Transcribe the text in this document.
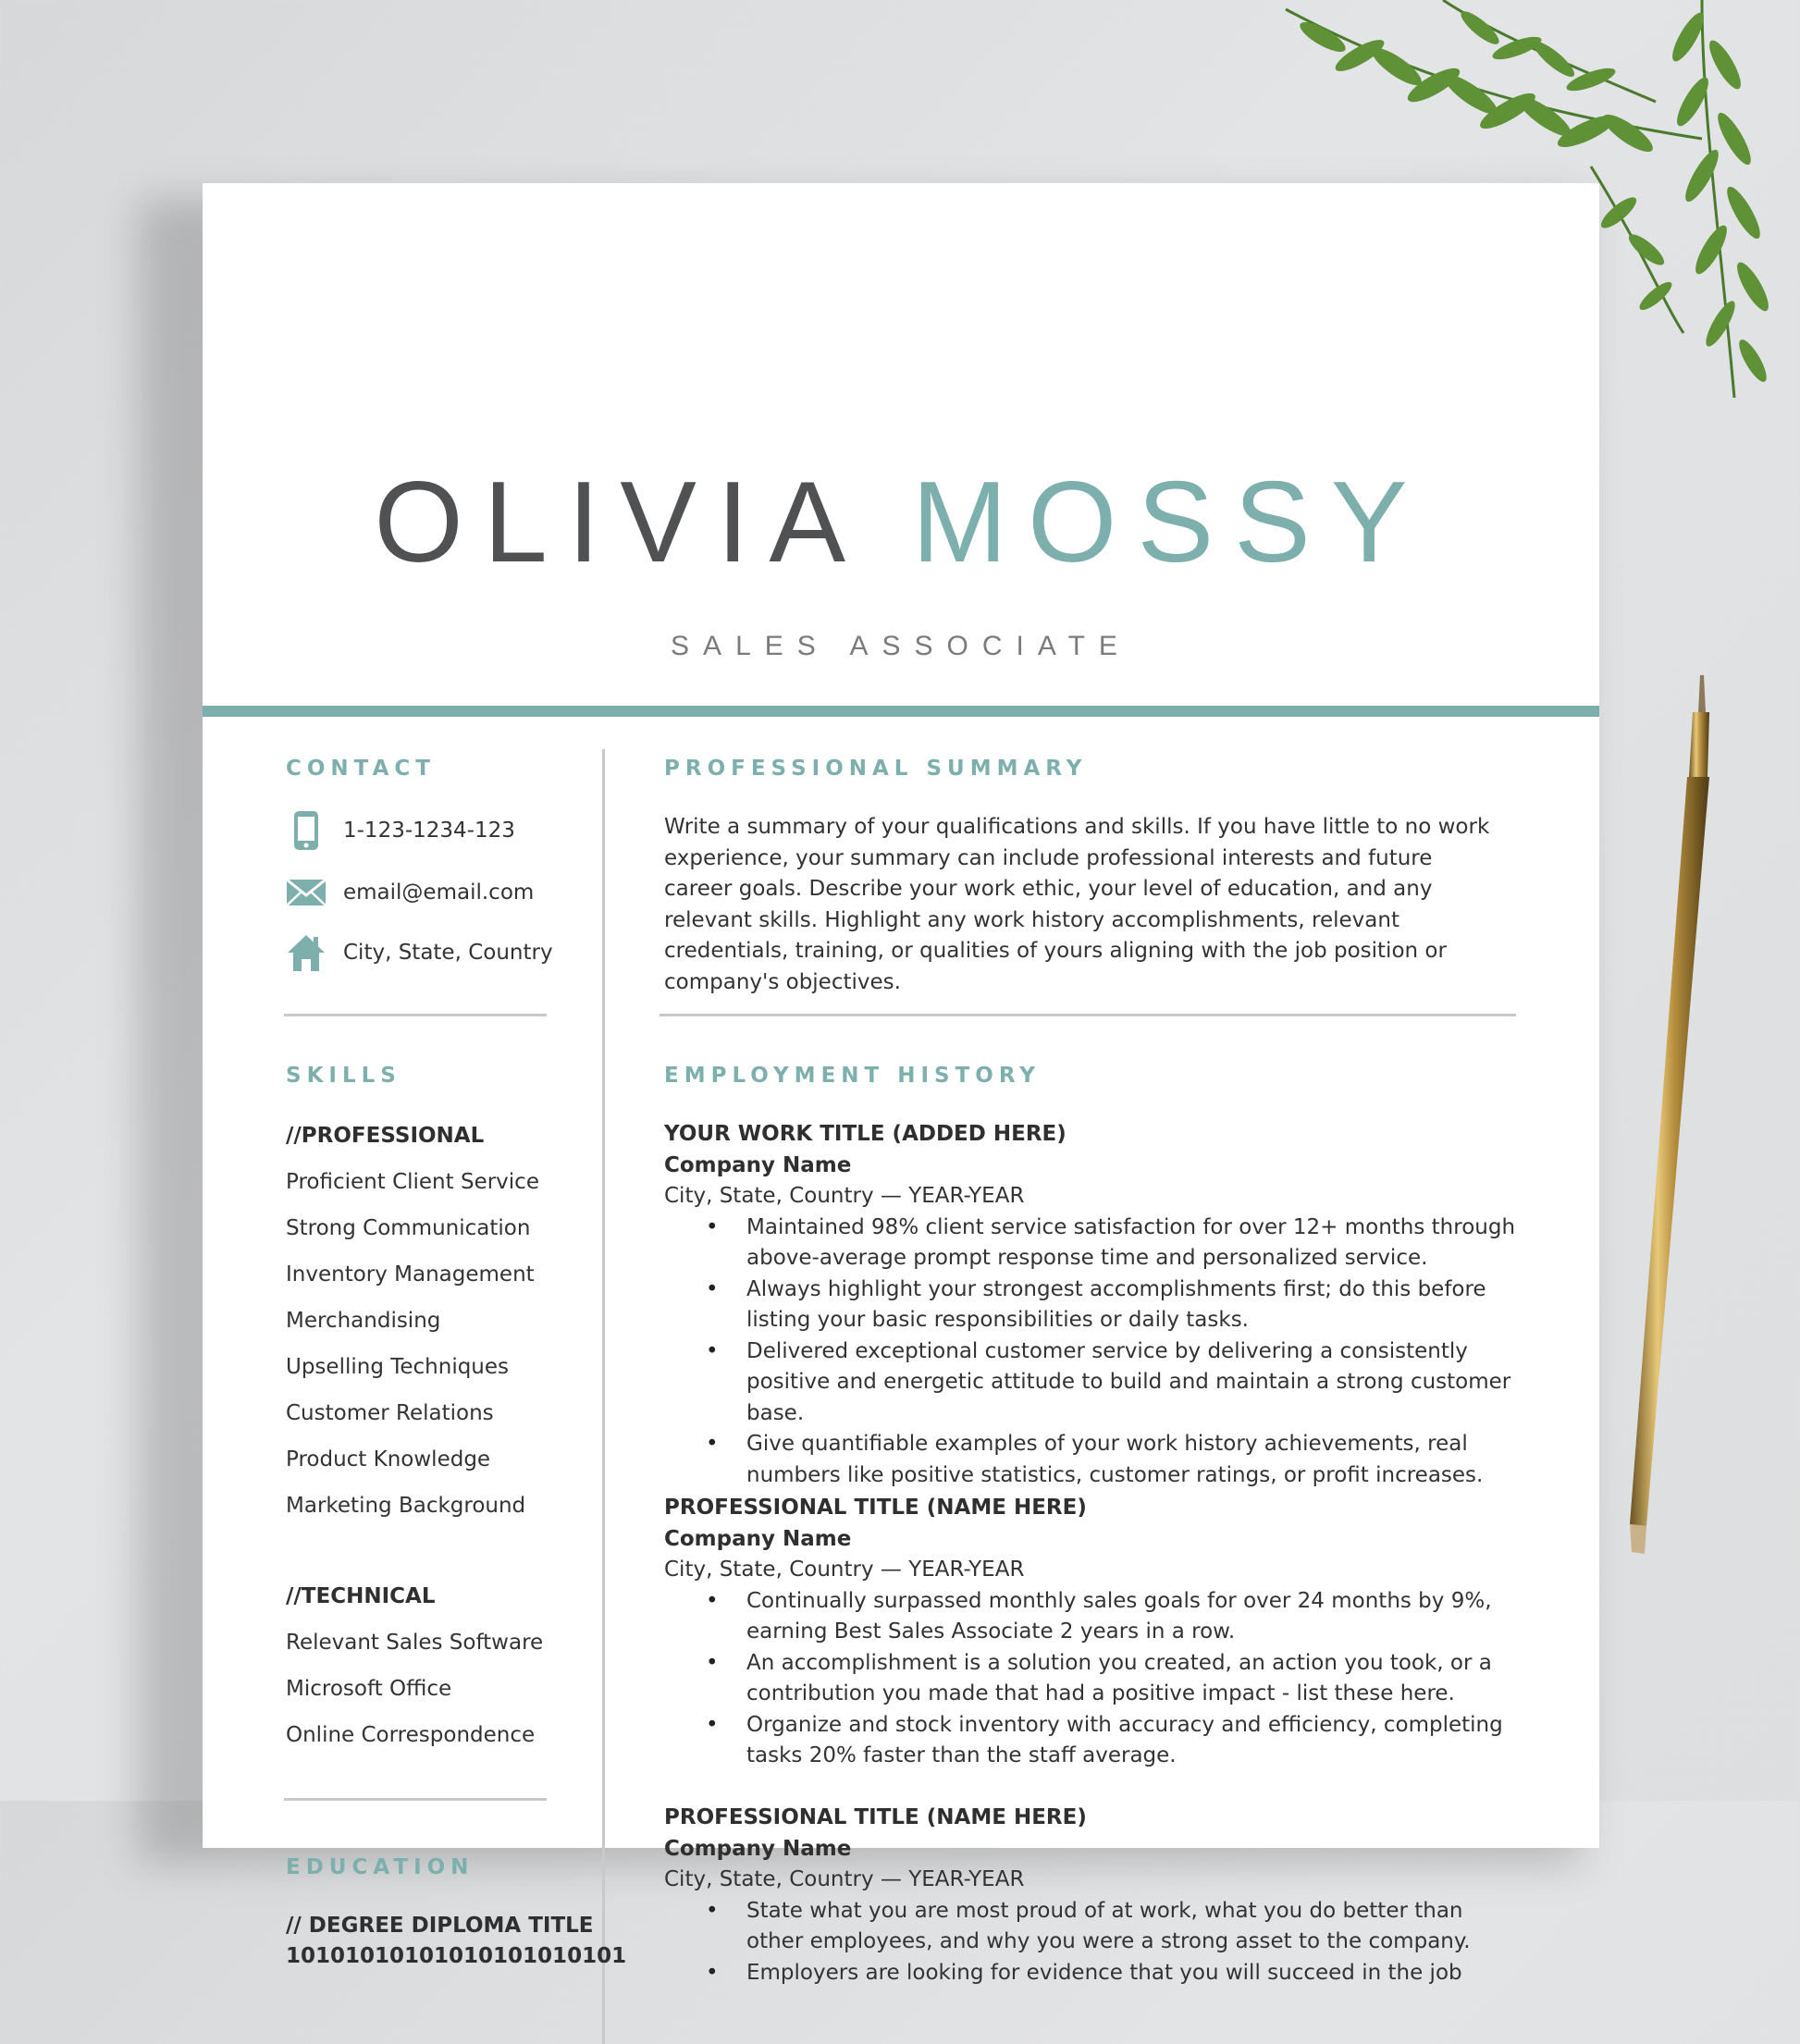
OLIVIA MOSSY
SALES ASSOCIATE
CONTACT
1-123-1234-123
email@email.com
City, State, Country
SKILLS
//PROFESSIONAL
Proficient Client Service
Strong Communication
Inventory Management
Merchandising
Upselling Techniques
Customer Relations
Product Knowledge
Marketing Background
//TECHNICAL
Relevant Sales Software
Microsoft Office
Online Correspondence
EDUCATION
// DEGREE DIPLOMA TITLE
10101010101010101010101
PROFESSIONAL SUMMARY

Write a summary of your qualifications and skills. If you have little to no work experience, your summary can include professional interests and future career goals. Describe your work ethic, your level of education, and any relevant skills. Highlight any work history accomplishments, relevant credentials, training, or qualities of yours aligning with the job position or company's objectives.

EMPLOYMENT HISTORY
YOUR WORK TITLE (ADDED HERE)
Company Name
City, State, Country — YEAR-YEAR
• Maintained 98% client service satisfaction for over 12+ months through above-average prompt response time and personalized service.
• Always highlight your strongest accomplishments first; do this before listing your basic responsibilities or daily tasks.
• Delivered exceptional customer service by delivering a consistently positive and energetic attitude to build and maintain a strong customer base.
• Give quantifiable examples of your work history achievements, real numbers like positive statistics, customer ratings, or profit increases.
PROFESSIONAL TITLE (NAME HERE)
Company Name
City, State, Country — YEAR-YEAR
• Continually surpassed monthly sales goals for over 24 months by 9%, earning Best Sales Associate 2 years in a row.
• An accomplishment is a solution you created, an action you took, or a contribution you made that had a positive impact - list these here.
• Organize and stock inventory with accuracy and efficiency, completing tasks 20% faster than the staff average.
PROFESSIONAL TITLE (NAME HERE)
Company Name
City, State, Country — YEAR-YEAR
• State what you are most proud of at work, what you do better than other employees, and why you were a strong asset to the company.
• Employers are looking for evidence that you will succeed in the job
